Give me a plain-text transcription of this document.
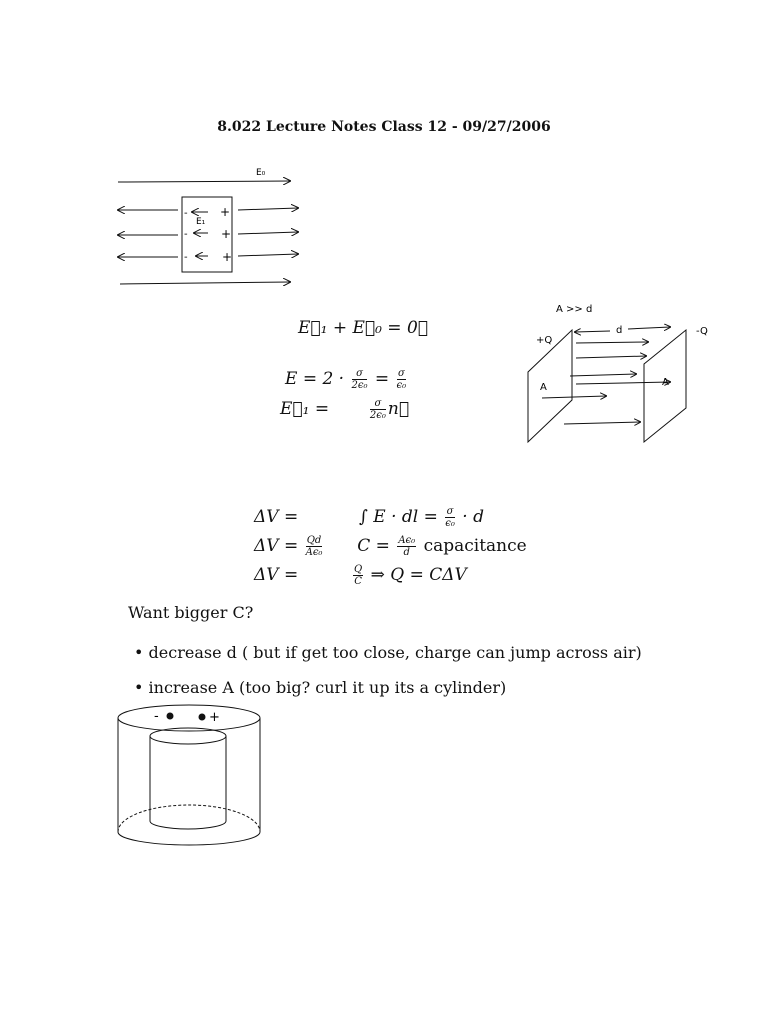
8.022 Lecture Notes Class 12 - 09/27/2006
E₀
E₁
-
-
-
+
+
+
A >> d
+Q
-Q
d
A
E⃗₁ + E⃗₀ = 0⃗
$E = 2 \cdot \frac{\sigma}{\text{2ϵ₀}} = \frac{\sigma}{\text{ϵ₀}}$
E⃗₁ =	$\frac{\sigma}{\text{2ϵ₀}}$ n⃗
ΔV =	∫ E · dl = $\frac{\sigma}{\text{ϵ₀}} \cdot d$
$\Delta V = \frac{Qd}{\text{Aϵ₀}}$ $C = \frac{\text{Aϵ₀}}{d}$ capacitance
ΔV =	$\frac{Q}{C}$ ⇒ Q = CΔV
Want bigger C?
• decrease d ( but if get too close, charge can jump across air)
• increase A (too big? curl it up its a cylinder)
-	+
